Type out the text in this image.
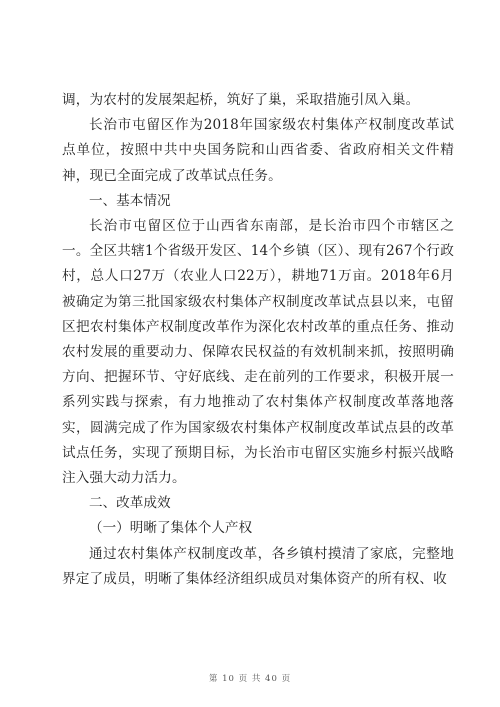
调，为农村的发展架起桥，筑好了巢，采取措施引凤入巢。

长治市屯留区作为2018年国家级农村集体产权制度改革试点单位，按照中共中央国务院和山西省委、省政府相关文件精神，现已全面完成了改革试点任务。

一、基本情况

长治市屯留区位于山西省东南部，是长治市四个市辖区之一。全区共辖1个省级开发区、14个乡镇（区）、现有267个行政村，总人口27万（农业人口22万），耕地71万亩。2018年6月被确定为第三批国家级农村集体产权制度改革试点县以来，屯留区把农村集体产权制度改革作为深化农村改革的重点任务、推动农村发展的重要动力、保障农民权益的有效机制来抓，按照明确方向、把握环节、守好底线、走在前列的工作要求，积极开展一系列实践与探索，有力地推动了农村集体产权制度改革落地落实，圆满完成了作为国家级农村集体产权制度改革试点县的改革试点任务，实现了预期目标，为长治市屯留区实施乡村振兴战略注入强大动力活力。

二、改革成效

（一）明晰了集体个人产权

通过农村集体产权制度改革，各乡镇村摸清了家底，完整地界定了成员，明晰了集体经济组织成员对集体资产的所有权、收

第 10 页 共 40 页
